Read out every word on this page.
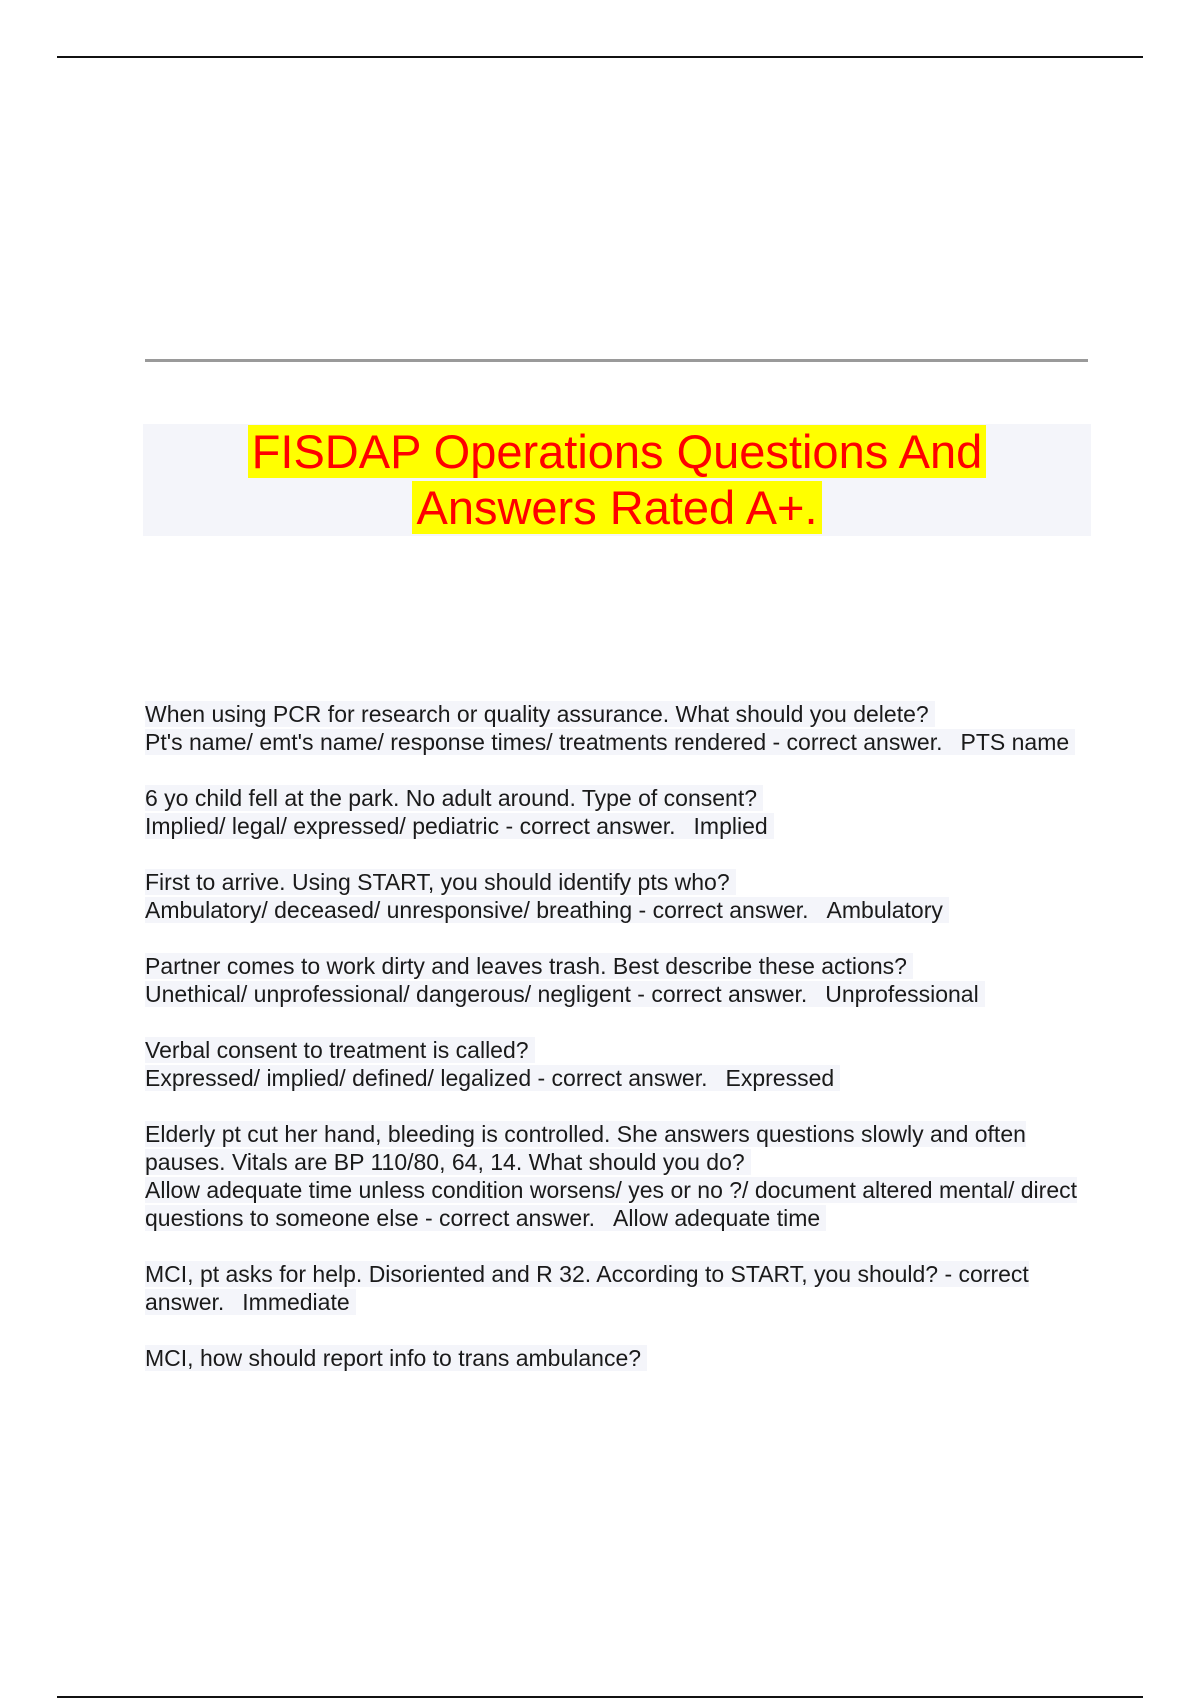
FISDAP Operations Questions And
Answers Rated A+.
When using PCR for research or quality assurance. What should you delete?
Pt's name/ emt's name/ response times/ treatments rendered - correct answer. PTS name
6 yo child fell at the park. No adult around. Type of consent?
Implied/ legal/ expressed/ pediatric - correct answer. Implied
First to arrive. Using START, you should identify pts who?
Ambulatory/ deceased/ unresponsive/ breathing - correct answer. Ambulatory
Partner comes to work dirty and leaves trash. Best describe these actions?
Unethical/ unprofessional/ dangerous/ negligent - correct answer. Unprofessional
Verbal consent to treatment is called?
Expressed/ implied/ defined/ legalized - correct answer. Expressed
Elderly pt cut her hand, bleeding is controlled. She answers questions slowly and often pauses. Vitals are BP 110/80, 64, 14. What should you do?
Allow adequate time unless condition worsens/ yes or no ?/ document altered mental/ direct questions to someone else - correct answer. Allow adequate time
MCI, pt asks for help. Disoriented and R 32. According to START, you should? - correct answer. Immediate
MCI, how should report info to trans ambulance?
